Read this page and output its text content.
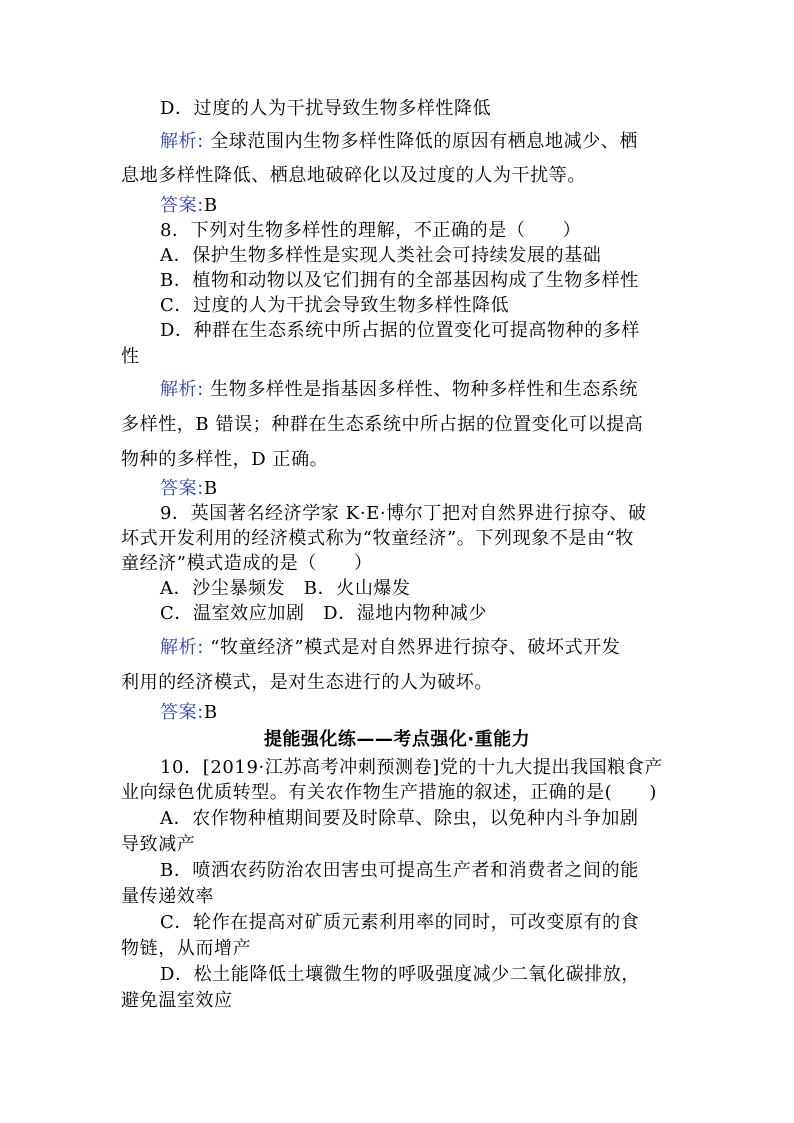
D．过度的人为干扰导致生物多样性降低
解析: 全球范围内生物多样性降低的原因有栖息地减少、栖
息地多样性降低、栖息地破碎化以及过度的人为干扰等。
答案:B
8．下列对生物多样性的理解，不正确的是（　　）
A．保护生物多样性是实现人类社会可持续发展的基础
B．植物和动物以及它们拥有的全部基因构成了生物多样性
C．过度的人为干扰会导致生物多样性降低
D．种群在生态系统中所占据的位置变化可提高物种的多样
性
解析: 生物多样性是指基因多样性、物种多样性和生态系统
多样性，B 错误；种群在生态系统中所占据的位置变化可以提高
物种的多样性，D 正确。
答案:B
9．英国著名经济学家 K·E·博尔丁把对自然界进行掠夺、破
坏式开发利用的经济模式称为“牧童经济”。下列现象不是由“牧
童经济”模式造成的是（　　）
A．沙尘暴频发　B．火山爆发
C．温室效应加剧　D．湿地内物种减少
解析: “牧童经济”模式是对自然界进行掠夺、破坏式开发
利用的经济模式，是对生态进行的人为破坏。
答案:B
提能强化练——考点强化·重能力
10．[2019·江苏高考冲刺预测卷]党的十九大提出我国粮食产
业向绿色优质转型。有关农作物生产措施的叙述，正确的是(　　)
A．农作物种植期间要及时除草、除虫，以免种内斗争加剧
导致减产
B．喷洒农药防治农田害虫可提高生产者和消费者之间的能
量传递效率
C．轮作在提高对矿质元素利用率的同时，可改变原有的食
物链，从而增产
D．松土能降低土壤微生物的呼吸强度减少二氧化碳排放，
避免温室效应
